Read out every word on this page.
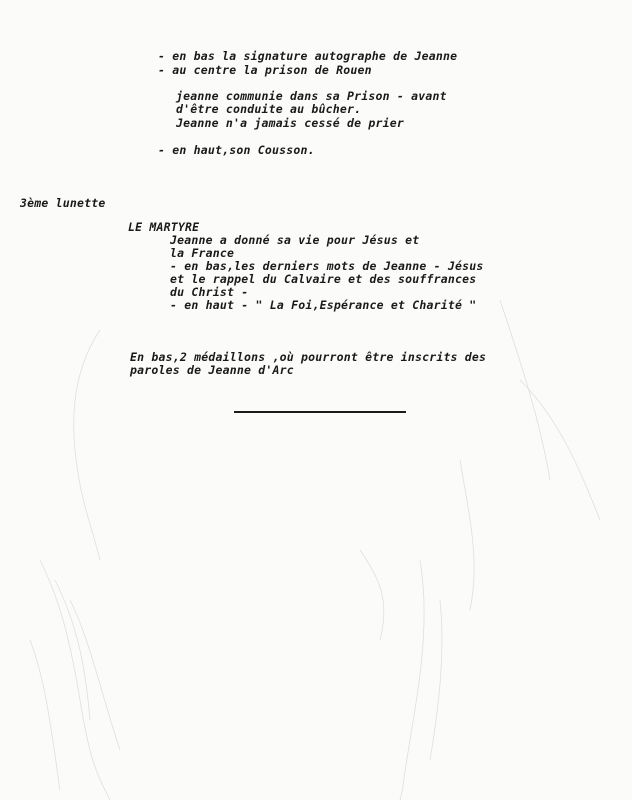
- en bas la signature autographe de Jeanne
- au centre la prison de Rouen
jeanne communie dans sa Prison - avant
d'être conduite au bûcher.
Jeanne n'a jamais cessé de prier
- en haut,son Cousson.
3ème lunette
LE MARTYRE
Jeanne a donné sa vie pour Jésus et
la France
- en bas,les derniers mots de Jeanne - Jésus
et le rappel du Calvaire et des souffrances
du Christ -
- en haut - " La Foi,Espérance et Charité "
En bas,2 médaillons ,où pourront être inscrits des
paroles de Jeanne d'Arc
